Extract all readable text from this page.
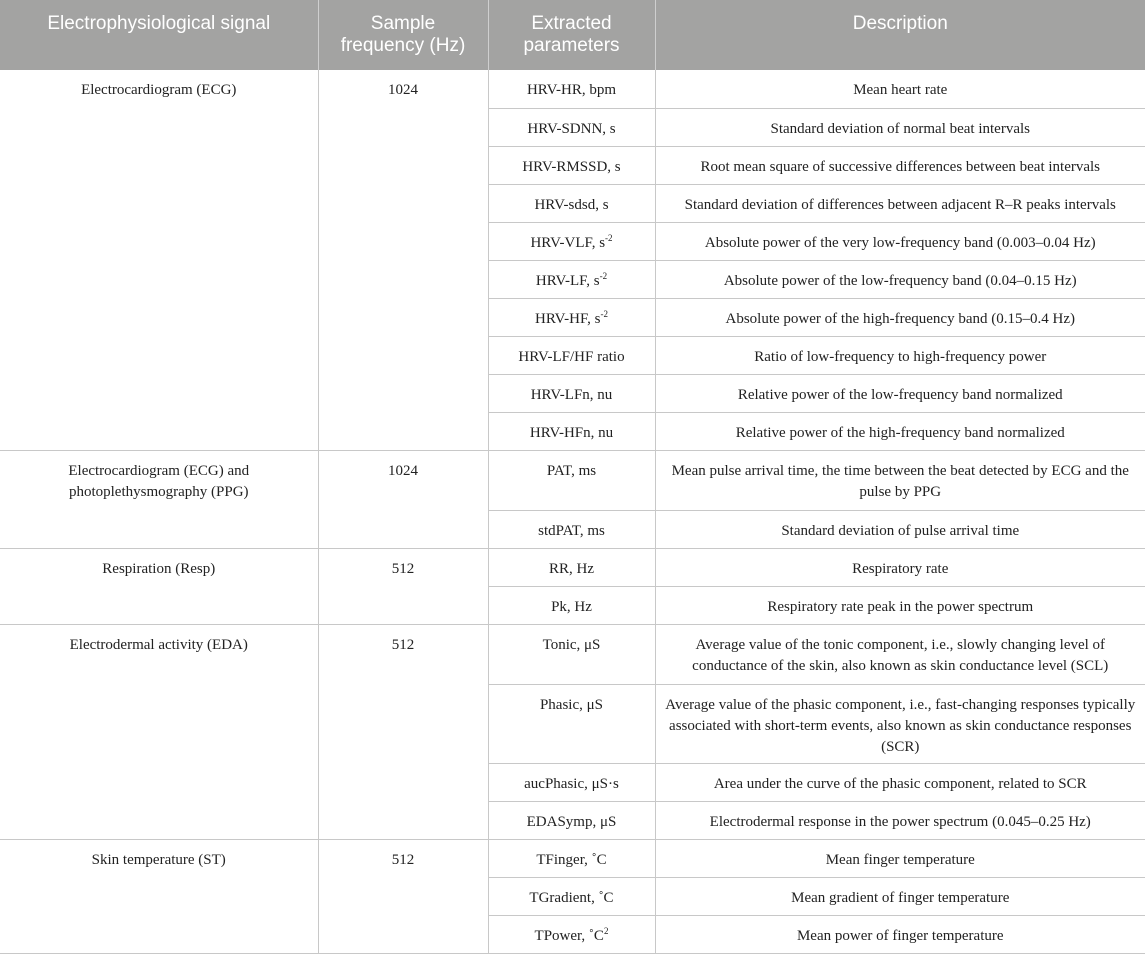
Electrophysiological signal	Sample frequency (Hz)	Extracted parameters	Description
Electrocardiogram (ECG)	1024	HRV-HR, bpm	Mean heart rate
		HRV-SDNN, s	Standard deviation of normal beat intervals
		HRV-RMSSD, s	Root mean square of successive differences between beat intervals
		HRV-sdsd, s	Standard deviation of differences between adjacent R–R peaks intervals
		HRV-VLF, $s^{-2}$	Absolute power of the very low-frequency band (0.003–0.04 Hz)
		HRV-LF, $s^{-2}$	Absolute power of the low-frequency band (0.04–0.15 Hz)
		HRV-HF, $s^{-2}$	Absolute power of the high-frequency band (0.15–0.4 Hz)
		HRV-LF/HF ratio	Ratio of low-frequency to high-frequency power
		HRV-LFn, nu	Relative power of the low-frequency band normalized
		HRV-HFn, nu	Relative power of the high-frequency band normalized
Electrocardiogram (ECG) and photoplethysmography (PPG)	1024	PAT, ms	Mean pulse arrival time, the time between the beat detected by ECG and the pulse by PPG
		stdPAT, ms	Standard deviation of pulse arrival time
Respiration (Resp)	512	RR, Hz	Respiratory rate
		Pk, Hz	Respiratory rate peak in the power spectrum
Electrodermal activity (EDA)	512	Tonic, μS	Average value of the tonic component, i.e., slowly changing level of conductance of the skin, also known as skin conductance level (SCL)
		Phasic, μS	Average value of the phasic component, i.e., fast-changing responses typically associated with short-term events, also known as skin conductance responses (SCR)
		aucPhasic, μS·s	Area under the curve of the phasic component, related to SCR
		EDASymp, μS	Electrodermal response in the power spectrum (0.045–0.25 Hz)
Skin temperature (ST)	512	TFinger, ˚C	Mean finger temperature
		TGradient, ˚C	Mean gradient of finger temperature
		TPower, $˚C^2$	Mean power of finger temperature
